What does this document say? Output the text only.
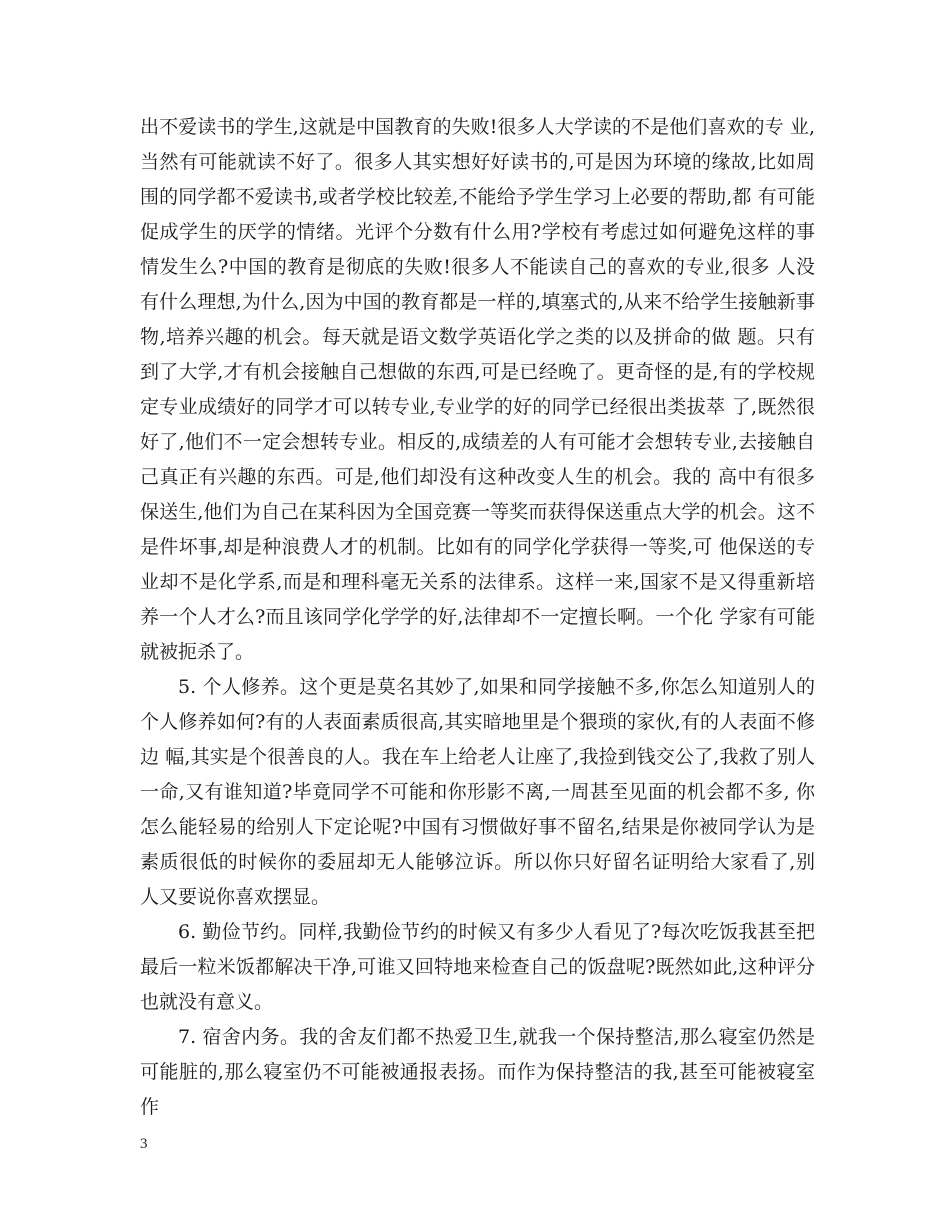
出不爱读书的学生,这就是中国教育的失败!很多人大学读的不是他们喜欢的专 业,当然有可能就读不好了。很多人其实想好好读书的,可是因为环境的缘故,比如周围的同学都不爱读书,或者学校比较差,不能给予学生学习上必要的帮助,都 有可能促成学生的厌学的情绪。光评个分数有什么用?学校有考虑过如何避免这样的事情发生么?中国的教育是彻底的失败!很多人不能读自己的喜欢的专业,很多 人没有什么理想,为什么,因为中国的教育都是一样的,填塞式的,从来不给学生接触新事物,培养兴趣的机会。每天就是语文数学英语化学之类的以及拼命的做 题。只有到了大学,才有机会接触自己想做的东西,可是已经晚了。更奇怪的是,有的学校规定专业成绩好的同学才可以转专业,专业学的好的同学已经很出类拔萃 了,既然很好了,他们不一定会想转专业。相反的,成绩差的人有可能才会想转专业,去接触自己真正有兴趣的东西。可是,他们却没有这种改变人生的机会。我的 高中有很多保送生,他们为自己在某科因为全国竞赛一等奖而获得保送重点大学的机会。这不是件坏事,却是种浪费人才的机制。比如有的同学化学获得一等奖,可 他保送的专业却不是化学系,而是和理科毫无关系的法律系。这样一来,国家不是又得重新培养一个人才么?而且该同学化学学的好,法律却不一定擅长啊。一个化 学家有可能就被扼杀了。

5. 个人修养。这个更是莫名其妙了,如果和同学接触不多,你怎么知道别人的个人修养如何?有的人表面素质很高,其实暗地里是个猥琐的家伙,有的人表面不修边 幅,其实是个很善良的人。我在车上给老人让座了,我捡到钱交公了,我救了别人一命,又有谁知道?毕竟同学不可能和你形影不离,一周甚至见面的机会都不多, 你怎么能轻易的给别人下定论呢?中国有习惯做好事不留名,结果是你被同学认为是素质很低的时候你的委屈却无人能够泣诉。所以你只好留名证明给大家看了,别 人又要说你喜欢摆显。

6. 勤俭节约。同样,我勤俭节约的时候又有多少人看见了?每次吃饭我甚至把最后一粒米饭都解决干净,可谁又回特地来检查自己的饭盘呢?既然如此,这种评分也就没有意义。

7. 宿舍内务。我的舍友们都不热爱卫生,就我一个保持整洁,那么寝室仍然是可能脏的,那么寝室仍不可能被通报表扬。而作为保持整洁的我,甚至可能被寝室作

3
